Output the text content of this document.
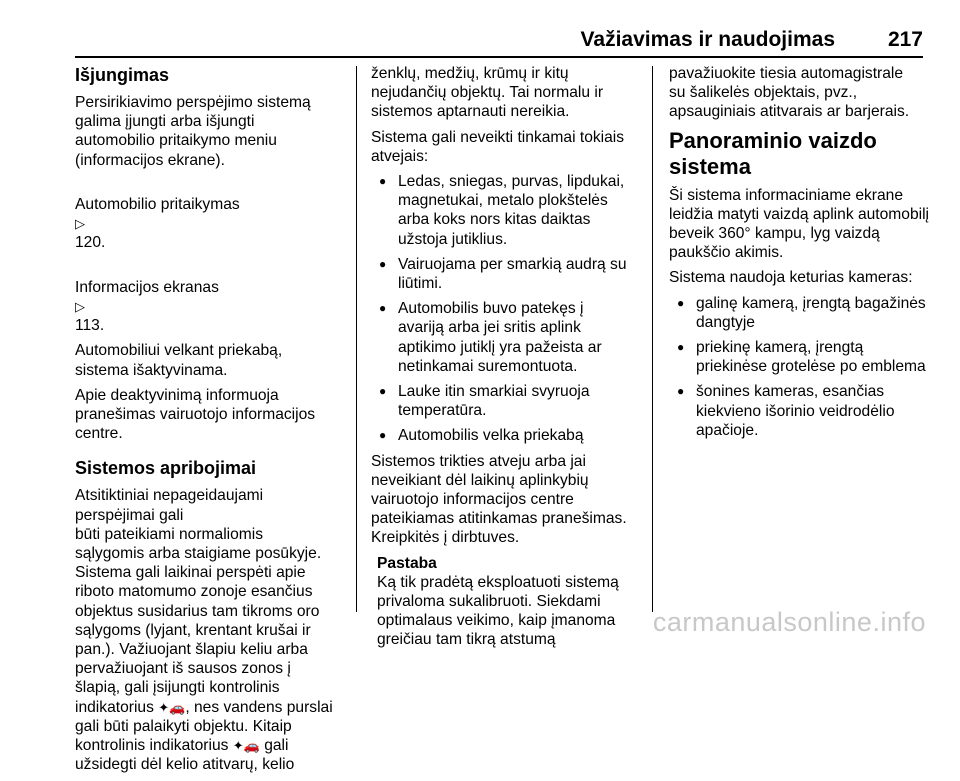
Važiavimas ir naudojimas	217
Išjungimas

Persirikiavimo perspėjimo sistemą
galima įjungti arba išjungti
automobilio pritaikymo meniu
(informacijos ekrane).

Automobilio pritaikymas
▷
120.

Informacijos ekranas
▷
113.

Automobiliui velkant priekabą,
sistema išaktyvinama.

Apie deaktyvinimą informuoja
pranešimas vairuotojo informacijos
centre.

Sistemos apribojimai

Atsitiktiniai nepageidaujami perspėjimai gali
būti pateikiami normaliomis
sąlygomis arba staigiame posūkyje.
Sistema gali laikinai perspėti apie
riboto matomumo zonoje esančius
objektus susidarius tam tikroms oro
sąlygoms (lyjant, krentant krušai ir
pan.). Važiuojant šlapiu keliu arba
pervažiuojant iš sausos zonos į
šlapią, gali įsijungti kontrolinis
indikatorius ✦🚗, nes vandens purslai
gali būti palaikyti objektu. Kitaip
kontrolinis indikatorius ✦🚗 gali
užsidegti dėl kelio atitvarų, kelio

ženklų, medžių, krūmų ir kitų
nejudančių objektų. Tai normalu ir
sistemos aptarnauti nereikia.

Sistema gali neveikti tinkamai tokiais
atvejais:

● Ledas, sniegas, purvas, lipdukai,
magnetukai, metalo plokštelės
arba koks nors kitas daiktas
užstoja jutiklius.
● Vairuojama per smarkią audrą su
liūtimi.
● Automobilis buvo patekęs į
avariją arba jei sritis aplink
aptikimo jutiklį yra pažeista ar
netinkamai suremontuota.
● Lauke itin smarkiai svyruoja
temperatūra.
● Automobilis velka priekabą

Sistemos trikties atveju arba jai
neveikiant dėl laikinų aplinkybių
vairuotojo informacijos centre
pateikiamas atitinkamas pranešimas.
Kreipkitės į dirbtuves.

Pastaba

Ką tik pradėtą eksploatuoti sistemą
privaloma sukalibruoti. Siekdami
optimalaus veikimo, kaip įmanoma
greičiau tam tikrą atstumą

pavažiuokite tiesia automagistrale
su šalikelės objektais, pvz.,
apsauginiais atitvarais ar barjerais.

Panoraminio vaizdo
sistema

Ši sistema informaciniame ekrane
leidžia matyti vaizdą aplink automobilį
beveik 360° kampu, lyg vaizdą
paukščio akimis.

Sistema naudoja keturias kameras:

● galinę kamerą, įrengtą bagažinės
dangtyje
● priekinę kamerą, įrengtą
priekinėse grotelėse po emblema
● šonines kameras, esančias
kiekvieno išorinio veidrodėlio
apačioje.
carmanualsonline.info
